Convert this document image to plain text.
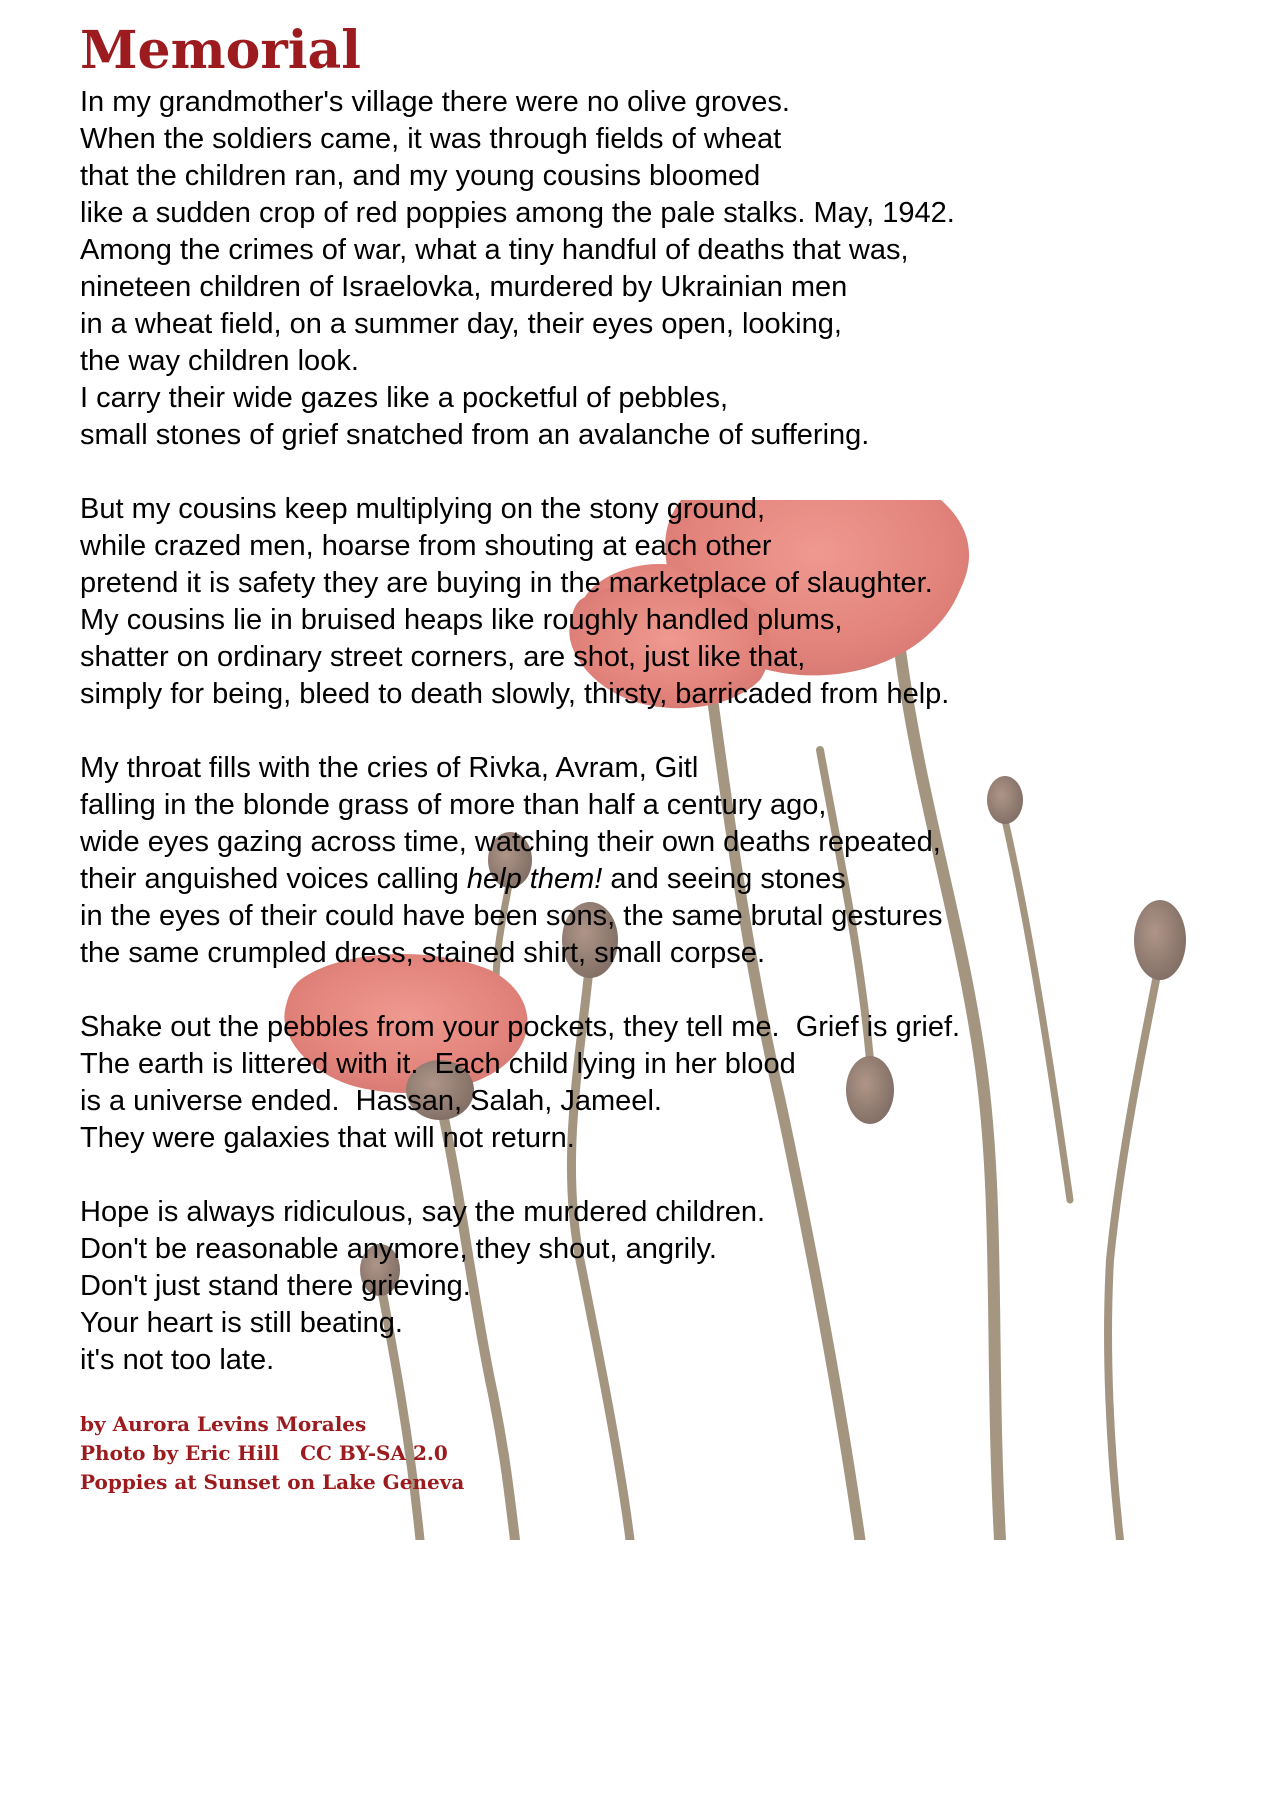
Memorial
In my grandmother's village there were no olive groves.
When the soldiers came, it was through fields of wheat
that the children ran, and my young cousins bloomed
like a sudden crop of red poppies among the pale stalks. May, 1942.
Among the crimes of war, what a tiny handful of deaths that was,
nineteen children of Israelovka, murdered by Ukrainian men
in a wheat field, on a summer day, their eyes open, looking,
the way children look.
I carry their wide gazes like a pocketful of pebbles,
small stones of grief snatched from an avalanche of suffering.
But my cousins keep multiplying on the stony ground,
while crazed men, hoarse from shouting at each other
pretend it is safety they are buying in the marketplace of slaughter.
My cousins lie in bruised heaps like roughly handled plums,
shatter on ordinary street corners, are shot, just like that,
simply for being, bleed to death slowly, thirsty, barricaded from help.
My throat fills with the cries of Rivka, Avram, Gitl
falling in the blonde grass of more than half a century ago,
wide eyes gazing across time, watching their own deaths repeated,
their anguished voices calling help them! and seeing stones
in the eyes of their could have been sons, the same brutal gestures
the same crumpled dress, stained shirt, small corpse.
Shake out the pebbles from your pockets, they tell me.  Grief is grief.
The earth is littered with it.  Each child lying in her blood
is a universe ended.  Hassan, Salah, Jameel.
They were galaxies that will not return.
Hope is always ridiculous, say the murdered children.
Don't be reasonable anymore, they shout, angrily.
Don't just stand there grieving.
Your heart is still beating.
it's not too late.
by Aurora Levins Morales
Photo by Eric Hill   CC BY-SA 2.0
Poppies at Sunset on Lake Geneva
